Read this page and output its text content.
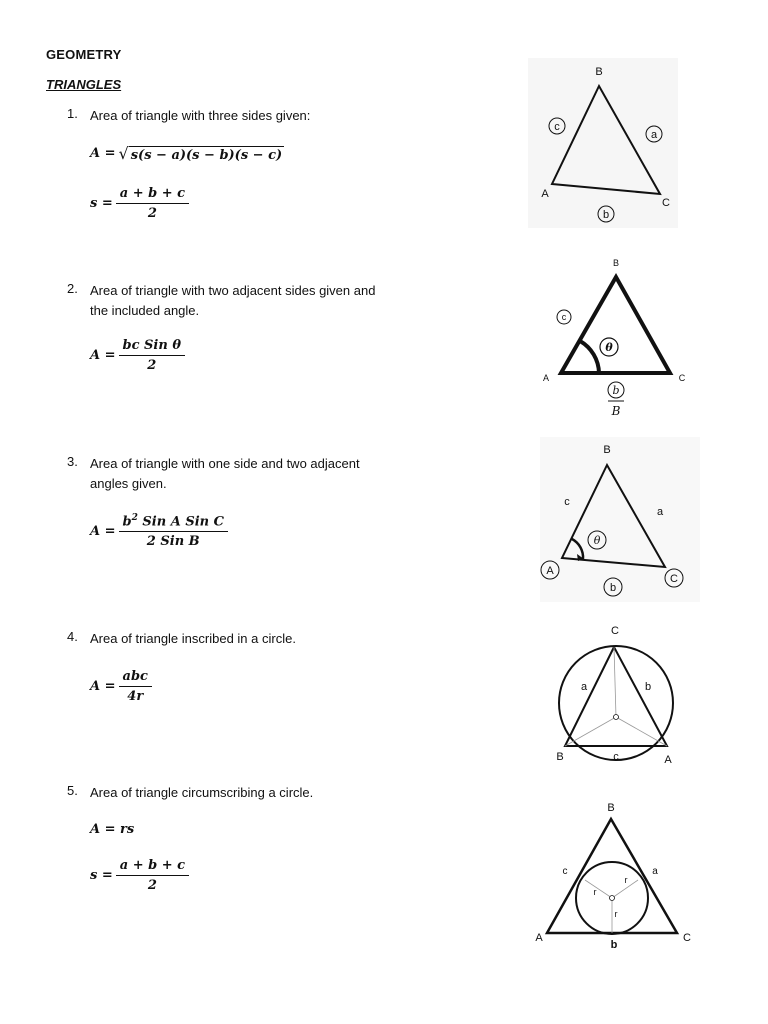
GEOMETRY
TRIANGLES
1. Area of triangle with three sides given:
A = √ s(s − a)(s − b)(s − c)
$s = \frac{a + b + c}{2}$
B
A
C
c
a
b
2. Area of triangle with two adjacent sides given and the included angle.
$A = \frac{\text{bc Sin θ}}{2}$
B
A	C
c
θ
b
B
3. Area of triangle with one side and two adjacent angles given.
$A = \frac{b^2 Sin A Sin C}{\text{2 Sin B}}$
B
c
a
θ
A
C
b
4. Area of triangle inscribed in a circle.
$A = \frac{\text{abc}}{4r}$
C
a	b
B	c	A
5. Area of triangle circumscribing a circle.
A = rs
$s = \frac{a + b + c}{2}$
B
c	a
r
r
r
A
b
C
